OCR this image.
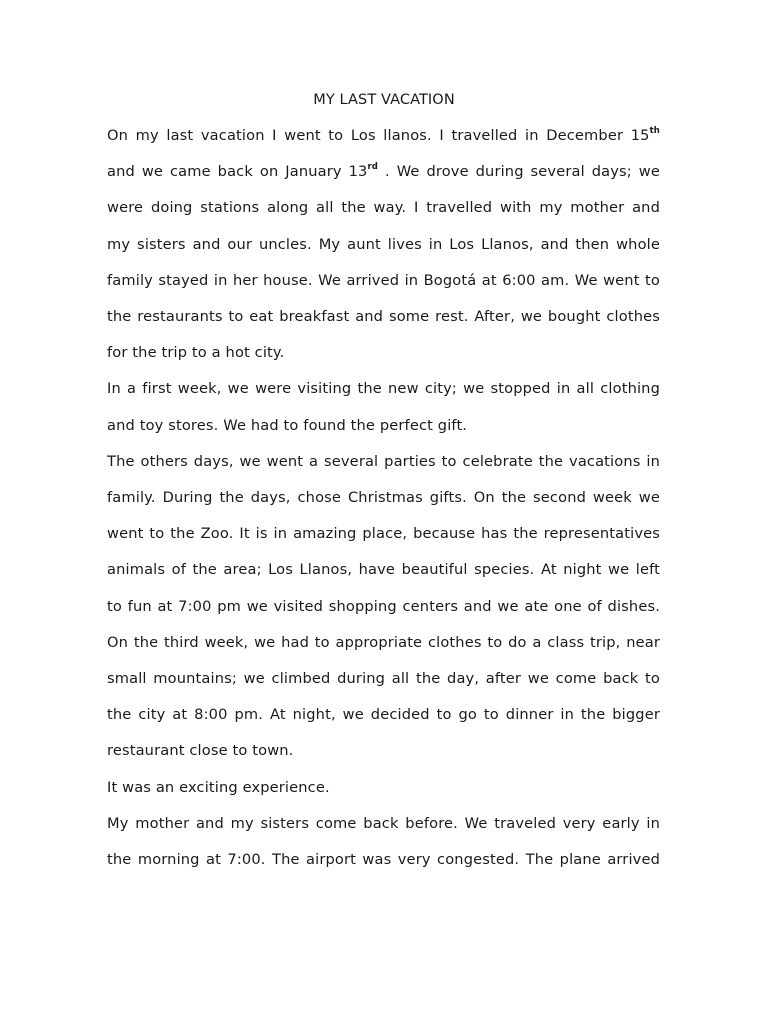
MY LAST VACATION
On my last vacation I went to Los llanos. I travelled in December 15th
and we came back on January 13rd . We drove during several days; we
were doing stations along all the way. I travelled with my mother and
my sisters and our uncles. My aunt lives in Los Llanos, and then whole
family stayed in her house. We arrived in Bogotá at 6:00 am. We went to
the restaurants to eat breakfast and some rest. After, we bought clothes
for the trip to a hot city.
In a first week, we were visiting the new city; we stopped in all clothing
and toy stores. We had to found the perfect gift.
The others days, we went a several parties to celebrate the vacations in
family. During the days, chose Christmas gifts. On the second week we
went to the Zoo. It is in amazing place, because has the representatives
animals of the area; Los Llanos, have beautiful species. At night we left
to fun at 7:00 pm we visited shopping centers and we ate one of dishes.
On the third week, we had to appropriate clothes to do a class trip, near
small mountains; we climbed during all the day, after we come back to
the city at 8:00 pm. At night, we decided to go to dinner in the bigger
restaurant close to town.
It was an exciting experience.
My mother and my sisters come back before. We traveled very early in
the morning at 7:00. The airport was very congested. The plane arrived
